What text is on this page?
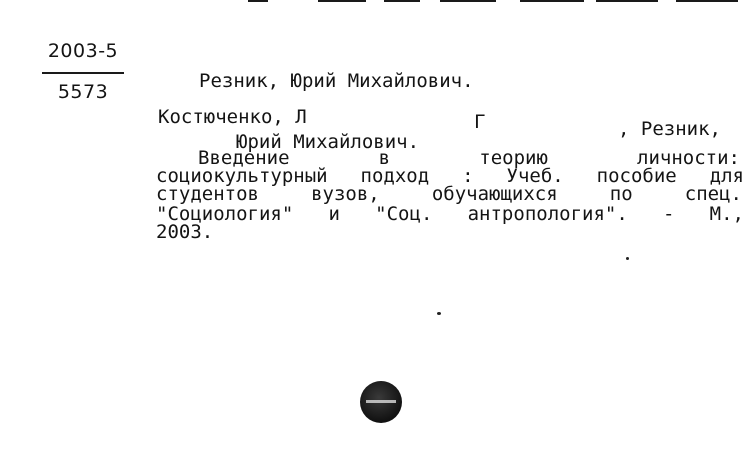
2003-5
5573	Резник, Юрий Михайлович.
Костюченко, Л	Г	, Резник,
Юрий Михайлович.
Введение в теорию личности:
социокультурный подход : Учеб. пособие для
студентов вузов, обучающихся по спец.
"Социология" и "Соц. антропология". - М.,
2003.
